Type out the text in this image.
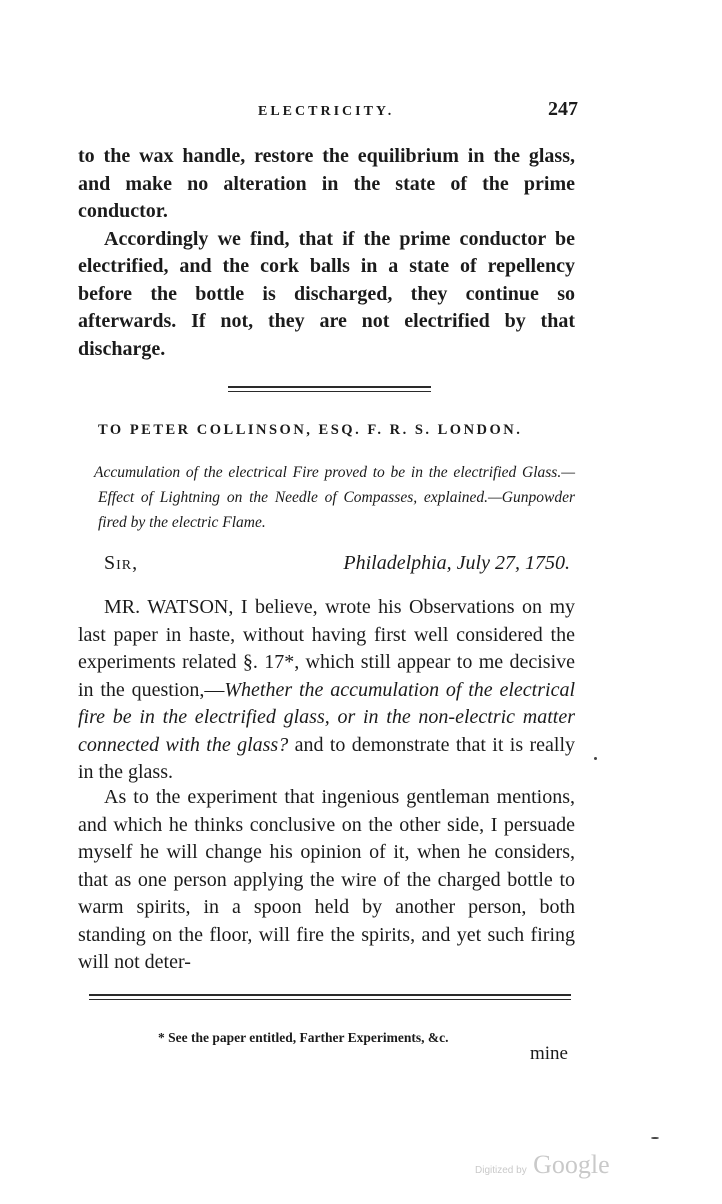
ELECTRICITY.	247

to the wax handle, restore the equilibrium in the glass, and make no alteration in the state of the prime conductor.

Accordingly we find, that if the prime conductor be electrified, and the cork balls in a state of repellency before the bottle is discharged, they continue so afterwards. If not, they are not electrified by that discharge.

TO PETER COLLINSON, ESQ. F. R. S. LONDON.

Accumulation of the electrical Fire proved to be in the electrified Glass.—Effect of Lightning on the Needle of Compasses, explained.—Gunpowder fired by the electric Flame.

Sir,	Philadelphia, July 27, 1750.

MR. WATSON, I believe, wrote his Observations on my last paper in haste, without having first well considered the experiments related §. 17*, which still appear to me decisive in the question,—Whether the accumulation of the electrical fire be in the electrified glass, or in the non-electric matter connected with the glass? and to demonstrate that it is really in the glass.

As to the experiment that ingenious gentleman mentions, and which he thinks conclusive on the other side, I persuade myself he will change his opinion of it, when he considers, that as one person applying the wire of the charged bottle to warm spirits, in a spoon held by another person, both standing on the floor, will fire the spirits, and yet such firing will not deter-

* See the paper entitled, Farther Experiments, &c.
mine
Digitized by Google
